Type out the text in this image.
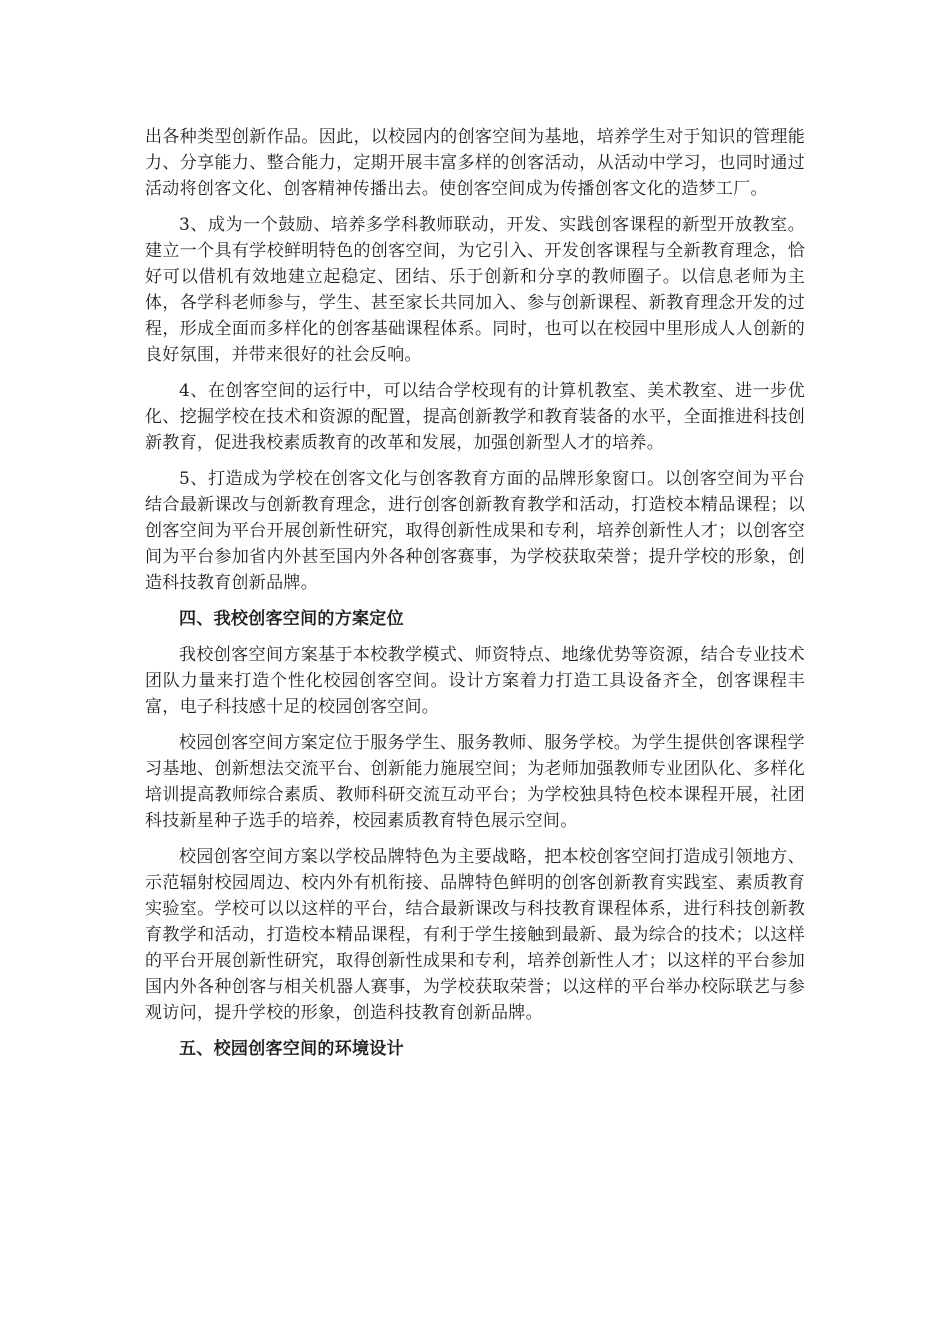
出各种类型创新作品。因此，以校园内的创客空间为基地，培养学生对于知识的管理能力、分享能力、整合能力，定期开展丰富多样的创客活动，从活动中学习，也同时通过活动将创客文化、创客精神传播出去。使创客空间成为传播创客文化的造梦工厂。

3、成为一个鼓励、培养多学科教师联动，开发、实践创客课程的新型开放教室。建立一个具有学校鲜明特色的创客空间，为它引入、开发创客课程与全新教育理念，恰好可以借机有效地建立起稳定、团结、乐于创新和分享的教师圈子。以信息老师为主体，各学科老师参与，学生、甚至家长共同加入、参与创新课程、新教育理念开发的过程，形成全面而多样化的创客基础课程体系。同时，也可以在校园中里形成人人创新的良好氛围，并带来很好的社会反响。

4、在创客空间的运行中，可以结合学校现有的计算机教室、美术教室、进一步优化、挖掘学校在技术和资源的配置，提高创新教学和教育装备的水平，全面推进科技创新教育，促进我校素质教育的改革和发展，加强创新型人才的培养。

5、打造成为学校在创客文化与创客教育方面的品牌形象窗口。以创客空间为平台结合最新课改与创新教育理念，进行创客创新教育教学和活动，打造校本精品课程；以创客空间为平台开展创新性研究，取得创新性成果和专利，培养创新性人才；以创客空间为平台参加省内外甚至国内外各种创客赛事，为学校获取荣誉；提升学校的形象，创造科技教育创新品牌。

四、我校创客空间的方案定位

我校创客空间方案基于本校教学模式、师资特点、地缘优势等资源，结合专业技术团队力量来打造个性化校园创客空间。设计方案着力打造工具设备齐全，创客课程丰富，电子科技感十足的校园创客空间。

校园创客空间方案定位于服务学生、服务教师、服务学校。为学生提供创客课程学习基地、创新想法交流平台、创新能力施展空间；为老师加强教师专业团队化、多样化培训提高教师综合素质、教师科研交流互动平台；为学校独具特色校本课程开展，社团科技新星种子选手的培养，校园素质教育特色展示空间。

校园创客空间方案以学校品牌特色为主要战略，把本校创客空间打造成引领地方、示范辐射校园周边、校内外有机衔接、品牌特色鲜明的创客创新教育实践室、素质教育实验室。学校可以以这样的平台，结合最新课改与科技教育课程体系，进行科技创新教育教学和活动，打造校本精品课程，有利于学生接触到最新、最为综合的技术；以这样的平台开展创新性研究，取得创新性成果和专利，培养创新性人才；以这样的平台参加国内外各种创客与相关机器人赛事，为学校获取荣誉；以这样的平台举办校际联艺与参观访问，提升学校的形象，创造科技教育创新品牌。

五、校园创客空间的环境设计
